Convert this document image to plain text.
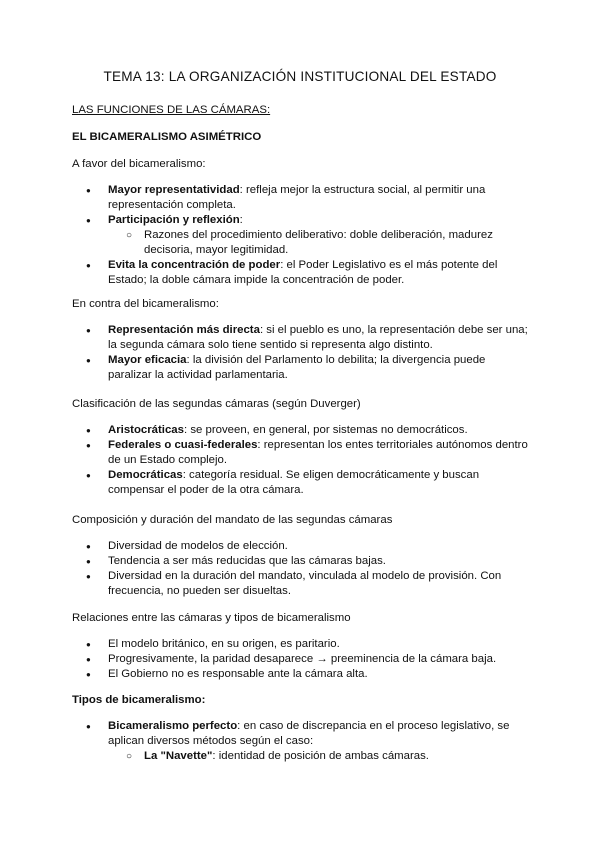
TEMA 13: LA ORGANIZACIÓN INSTITUCIONAL DEL ESTADO
LAS FUNCIONES DE LAS CÁMARAS:
EL BICAMERALISMO ASIMÉTRICO
A favor del bicameralismo:
● Mayor representatividad: refleja mejor la estructura social, al permitir una representación completa.
● Participación y reflexión:
○ Razones del procedimiento deliberativo: doble deliberación, madurez decisoria, mayor legitimidad.
● Evita la concentración de poder: el Poder Legislativo es el más potente del Estado; la doble cámara impide la concentración de poder.
En contra del bicameralismo:
● Representación más directa: si el pueblo es uno, la representación debe ser una; la segunda cámara solo tiene sentido si representa algo distinto.
● Mayor eficacia: la división del Parlamento lo debilita; la divergencia puede paralizar la actividad parlamentaria.
Clasificación de las segundas cámaras (según Duverger)
● Aristocráticas: se proveen, en general, por sistemas no democráticos.
● Federales o cuasi-federales: representan los entes territoriales autónomos dentro de un Estado complejo.
● Democráticas: categoría residual. Se eligen democráticamente y buscan compensar el poder de la otra cámara.
Composición y duración del mandato de las segundas cámaras
● Diversidad de modelos de elección.
● Tendencia a ser más reducidas que las cámaras bajas.
● Diversidad en la duración del mandato, vinculada al modelo de provisión. Con frecuencia, no pueden ser disueltas.
Relaciones entre las cámaras y tipos de bicameralismo
● El modelo británico, en su origen, es paritario.
● Progresivamente, la paridad desaparece → preeminencia de la cámara baja.
● El Gobierno no es responsable ante la cámara alta.
Tipos de bicameralismo:
● Bicameralismo perfecto: en caso de discrepancia en el proceso legislativo, se aplican diversos métodos según el caso:
○ La "Navette": identidad de posición de ambas cámaras.
